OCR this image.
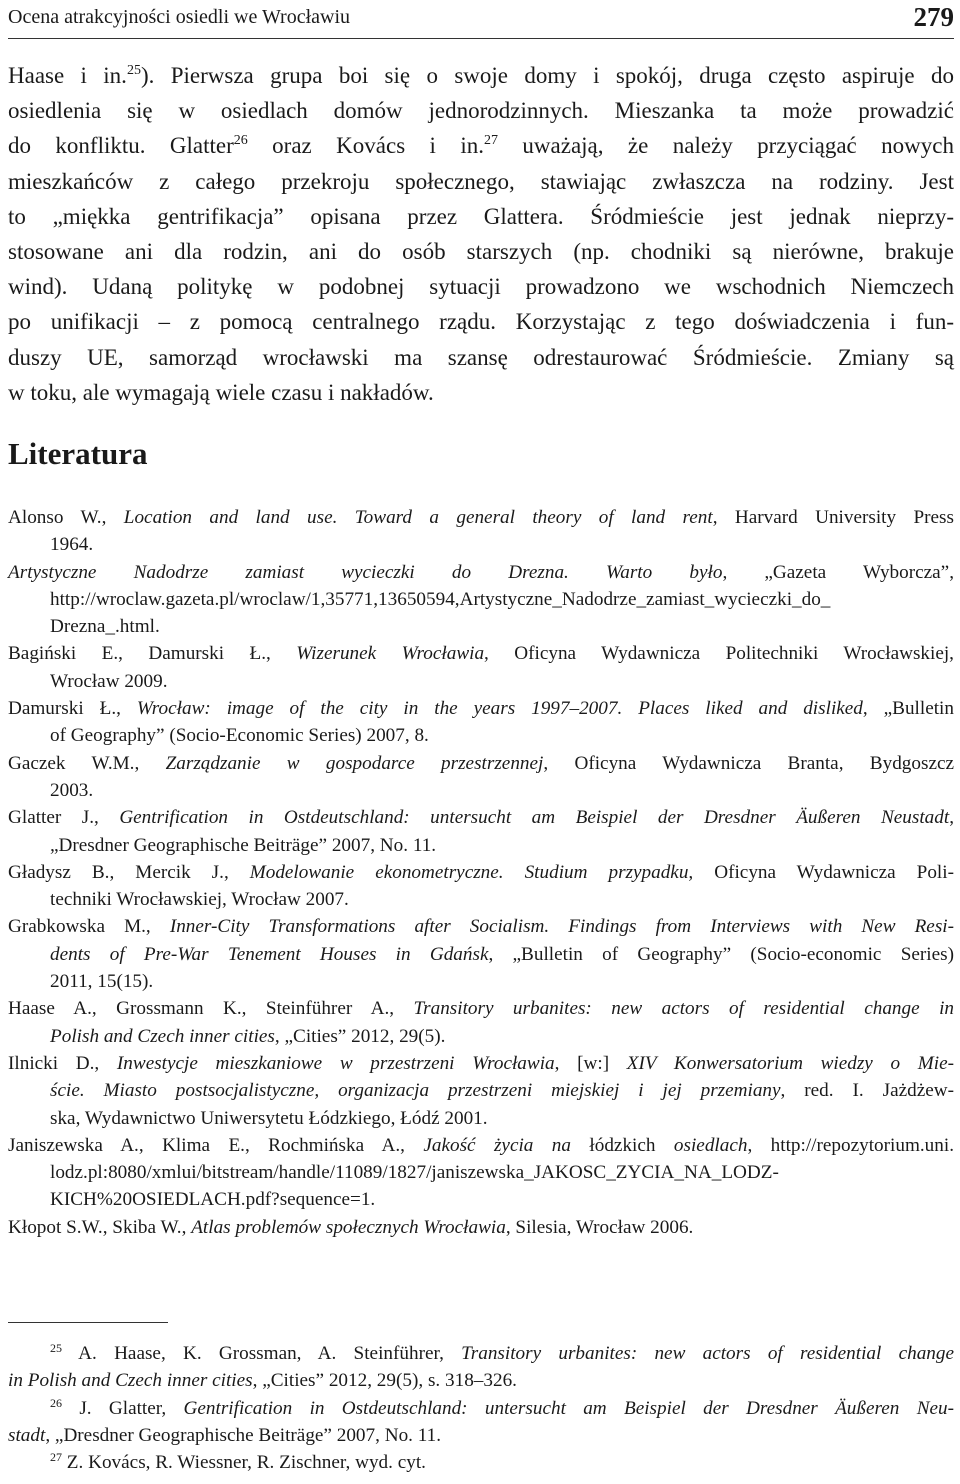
Ocena atrakcyjności osiedli we Wrocławiu	279
Haase i in.$^{25}$). Pierwsza grupa boi się o swoje domy i spokój, druga często aspiruje do
osiedlenia się w osiedlach domów jednorodzinnych. Mieszanka ta może prowadzić
do konfliktu. Glatter$^{26}$ oraz Kovács i in.$^{27}$ uważają, że należy przyciągać nowych
mieszkańców z całego przekroju społecznego, stawiając zwłaszcza na rodziny. Jest
to „miękka gentrifikacja” opisana przez Glattera. Śródmieście jest jednak nieprzy-
stosowane ani dla rodzin, ani do osób starszych (np. chodniki są nierówne, brakuje
wind). Udaną politykę w podobnej sytuacji prowadzono we wschodnich Niemczech
po unifikacji – z pomocą centralnego rządu. Korzystając z tego doświadczenia i fun-
duszy UE, samorząd wrocławski ma szansę odrestaurować Śródmieście. Zmiany są
w toku, ale wymagają wiele czasu i nakładów.
Literatura
Alonso W., Location and land use. Toward a general theory of land rent, Harvard University Press
1964.
Artystyczne Nadodrze zamiast wycieczki do Drezna. Warto było, „Gazeta Wyborcza”,
http://wroclaw.gazeta.pl/wroclaw/1,35771,13650594,Artystyczne_Nadodrze_zamiast_wycieczki_do_
Drezna_.html.
Bagiński E., Damurski Ł., Wizerunek Wrocławia, Oficyna Wydawnicza Politechniki Wrocławskiej,
Wrocław 2009.
Damurski Ł., Wrocław: image of the city in the years 1997–2007. Places liked and disliked, „Bulletin
of Geography” (Socio-Economic Series) 2007, 8.
Gaczek W.M., Zarządzanie w gospodarce przestrzennej, Oficyna Wydawnicza Branta, Bydgoszcz
2003.
Glatter J., Gentrification in Ostdeutschland: untersucht am Beispiel der Dresdner Äußeren Neustadt,
„Dresdner Geographische Beiträge” 2007, No. 11.
Gładysz B., Mercik J., Modelowanie ekonometryczne. Studium przypadku, Oficyna Wydawnicza Poli-
techniki Wrocławskiej, Wrocław 2007.
Grabkowska M., Inner-City Transformations after Socialism. Findings from Interviews with New Resi-
dents of Pre-War Tenement Houses in Gdańsk, „Bulletin of Geography” (Socio-economic Series)
2011, 15(15).
Haase A., Grossmann K., Steinführer A., Transitory urbanites: new actors of residential change in
Polish and Czech inner cities, „Cities” 2012, 29(5).
Ilnicki D., Inwestycje mieszkaniowe w przestrzeni Wrocławia, [w:] XIV Konwersatorium wiedzy o Mie-
ście. Miasto postsocjalistyczne, organizacja przestrzeni miejskiej i jej przemiany, red. I. Jażdżew-
ska, Wydawnictwo Uniwersytetu Łódzkiego, Łódź 2001.
Janiszewska A., Klima E., Rochmińska A., Jakość życia na łódzkich osiedlach, http://repozytorium.uni.
lodz.pl:8080/xmlui/bitstream/handle/11089/1827/janiszewska_JAKOSC_ZYCIA_NA_LODZ-
KICH%20OSIEDLACH.pdf?sequence=1.
Kłopot S.W., Skiba W., Atlas problemów społecznych Wrocławia, Silesia, Wrocław 2006.
$^{25}$ A. Haase, K. Grossman, A. Steinführer, Transitory urbanites: new actors of residential change
in Polish and Czech inner cities, „Cities” 2012, 29(5), s. 318–326.
$^{26}$ J. Glatter, Gentrification in Ostdeutschland: untersucht am Beispiel der Dresdner Äußeren Neu-
stadt, „Dresdner Geographische Beiträge” 2007, No. 11.
$^{27}$ Z. Kovács, R. Wiessner, R. Zischner, wyd. cyt.
